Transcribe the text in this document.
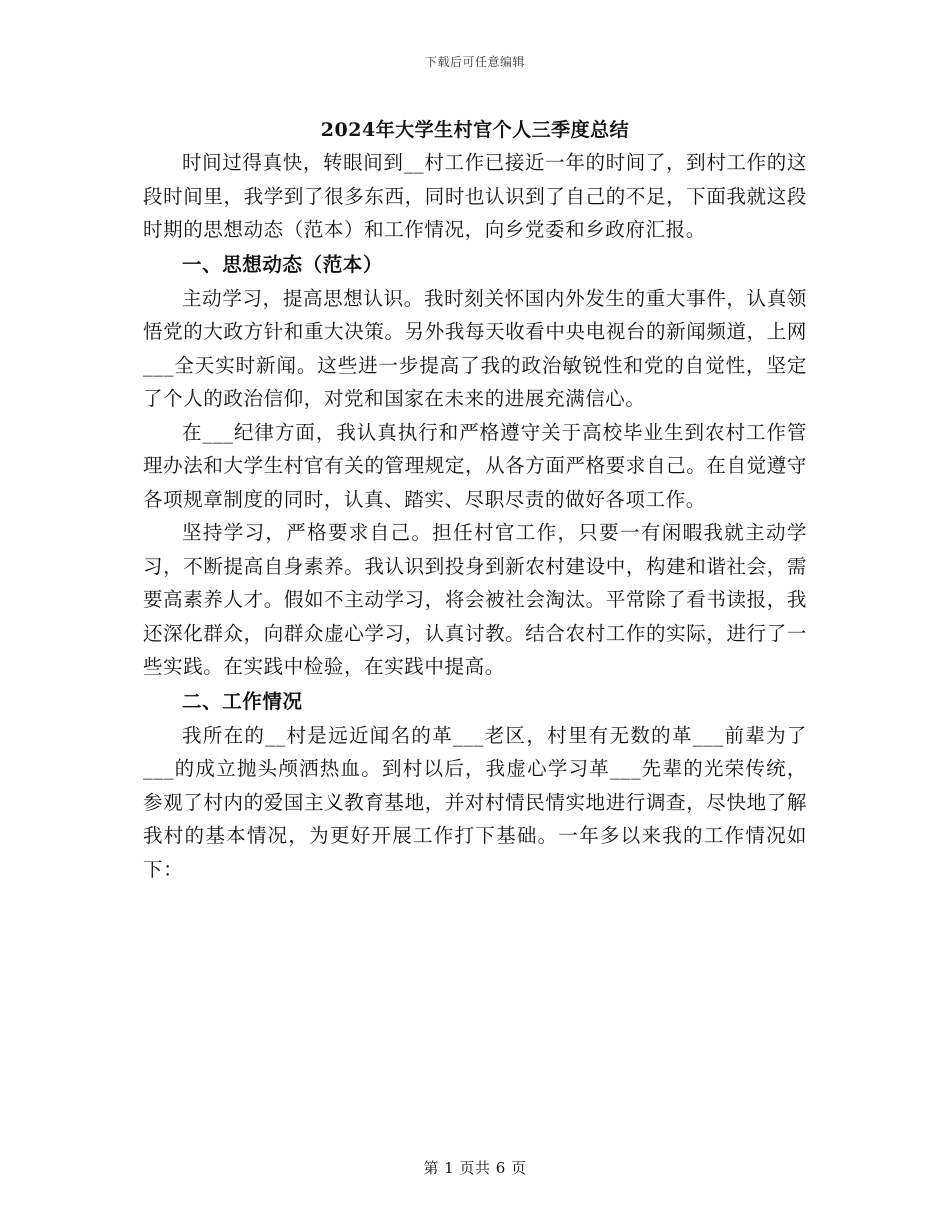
下载后可任意编辑
2024年大学生村官个人三季度总结

时间过得真快，转眼间到__村工作已接近一年的时间了，到村工作的这段时间里，我学到了很多东西，同时也认识到了自己的不足，下面我就这段时期的思想动态（范本）和工作情况，向乡党委和乡政府汇报。

一、思想动态（范本）

主动学习，提高思想认识。我时刻关怀国内外发生的重大事件，认真领悟党的大政方针和重大决策。另外我每天收看中央电视台的新闻频道，上网___全天实时新闻。这些进一步提高了我的政治敏锐性和党的自觉性，坚定了个人的政治信仰，对党和国家在未来的进展充满信心。

在___纪律方面，我认真执行和严格遵守关于高校毕业生到农村工作管理办法和大学生村官有关的管理规定，从各方面严格要求自己。在自觉遵守各项规章制度的同时，认真、踏实、尽职尽责的做好各项工作。

坚持学习，严格要求自己。担任村官工作，只要一有闲暇我就主动学习，不断提高自身素养。我认识到投身到新农村建设中，构建和谐社会，需要高素养人才。假如不主动学习，将会被社会淘汰。平常除了看书读报，我还深化群众，向群众虚心学习，认真讨教。结合农村工作的实际，进行了一些实践。在实践中检验，在实践中提高。

二、工作情况

我所在的__村是远近闻名的革___老区，村里有无数的革___前辈为了___的成立抛头颅洒热血。到村以后，我虚心学习革___先辈的光荣传统，参观了村内的爱国主义教育基地，并对村情民情实地进行调查，尽快地了解我村的基本情况，为更好开展工作打下基础。一年多以来我的工作情况如下：

第 1 页共 6 页
